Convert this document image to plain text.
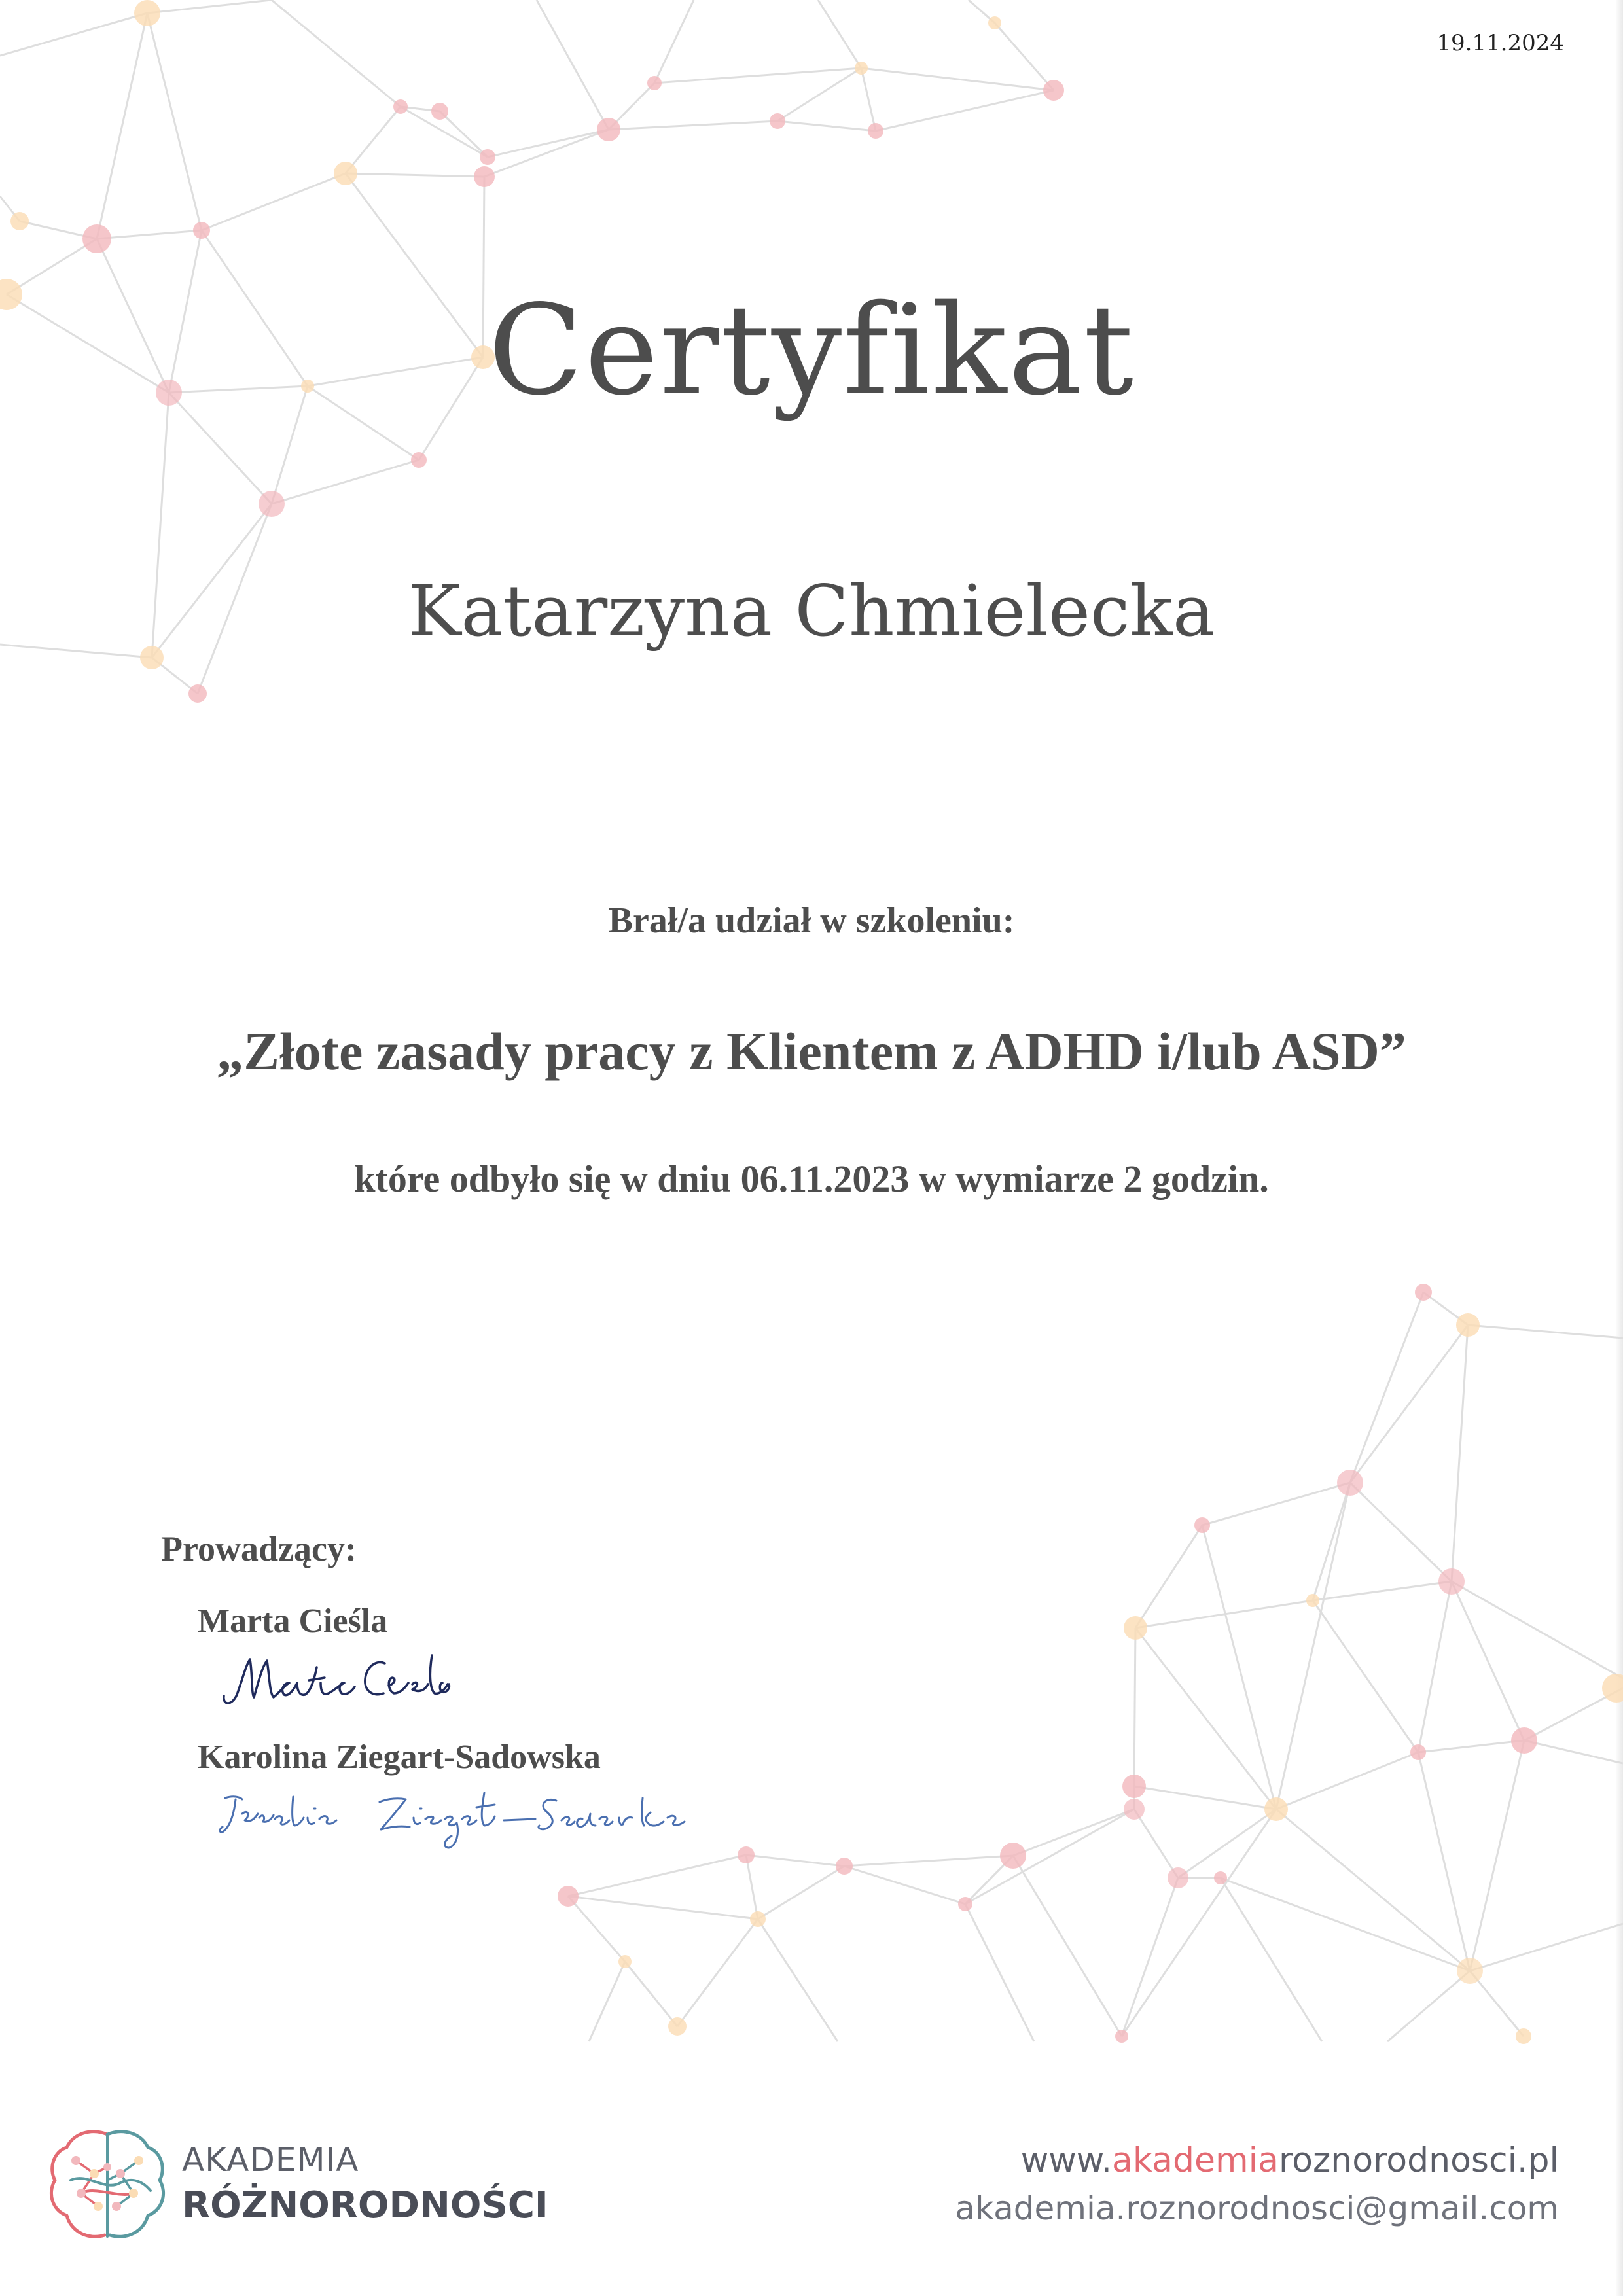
19.11.2024
Certyfikat
Katarzyna Chmielecka
Brał/a udział w szkoleniu:
„Złote zasady pracy z Klientem z ADHD i/lub ASD”
które odbyło się w dniu 06.11.2023 w wymiarze 2 godzin.
Prowadzący:
Marta Cieśla
Karolina Ziegart-Sadowska
AKADEMIA
RÓŻNORODNOŚCI
www.akademiaroznorodnosci.pl
akademia.roznorodnosci@gmail.com
